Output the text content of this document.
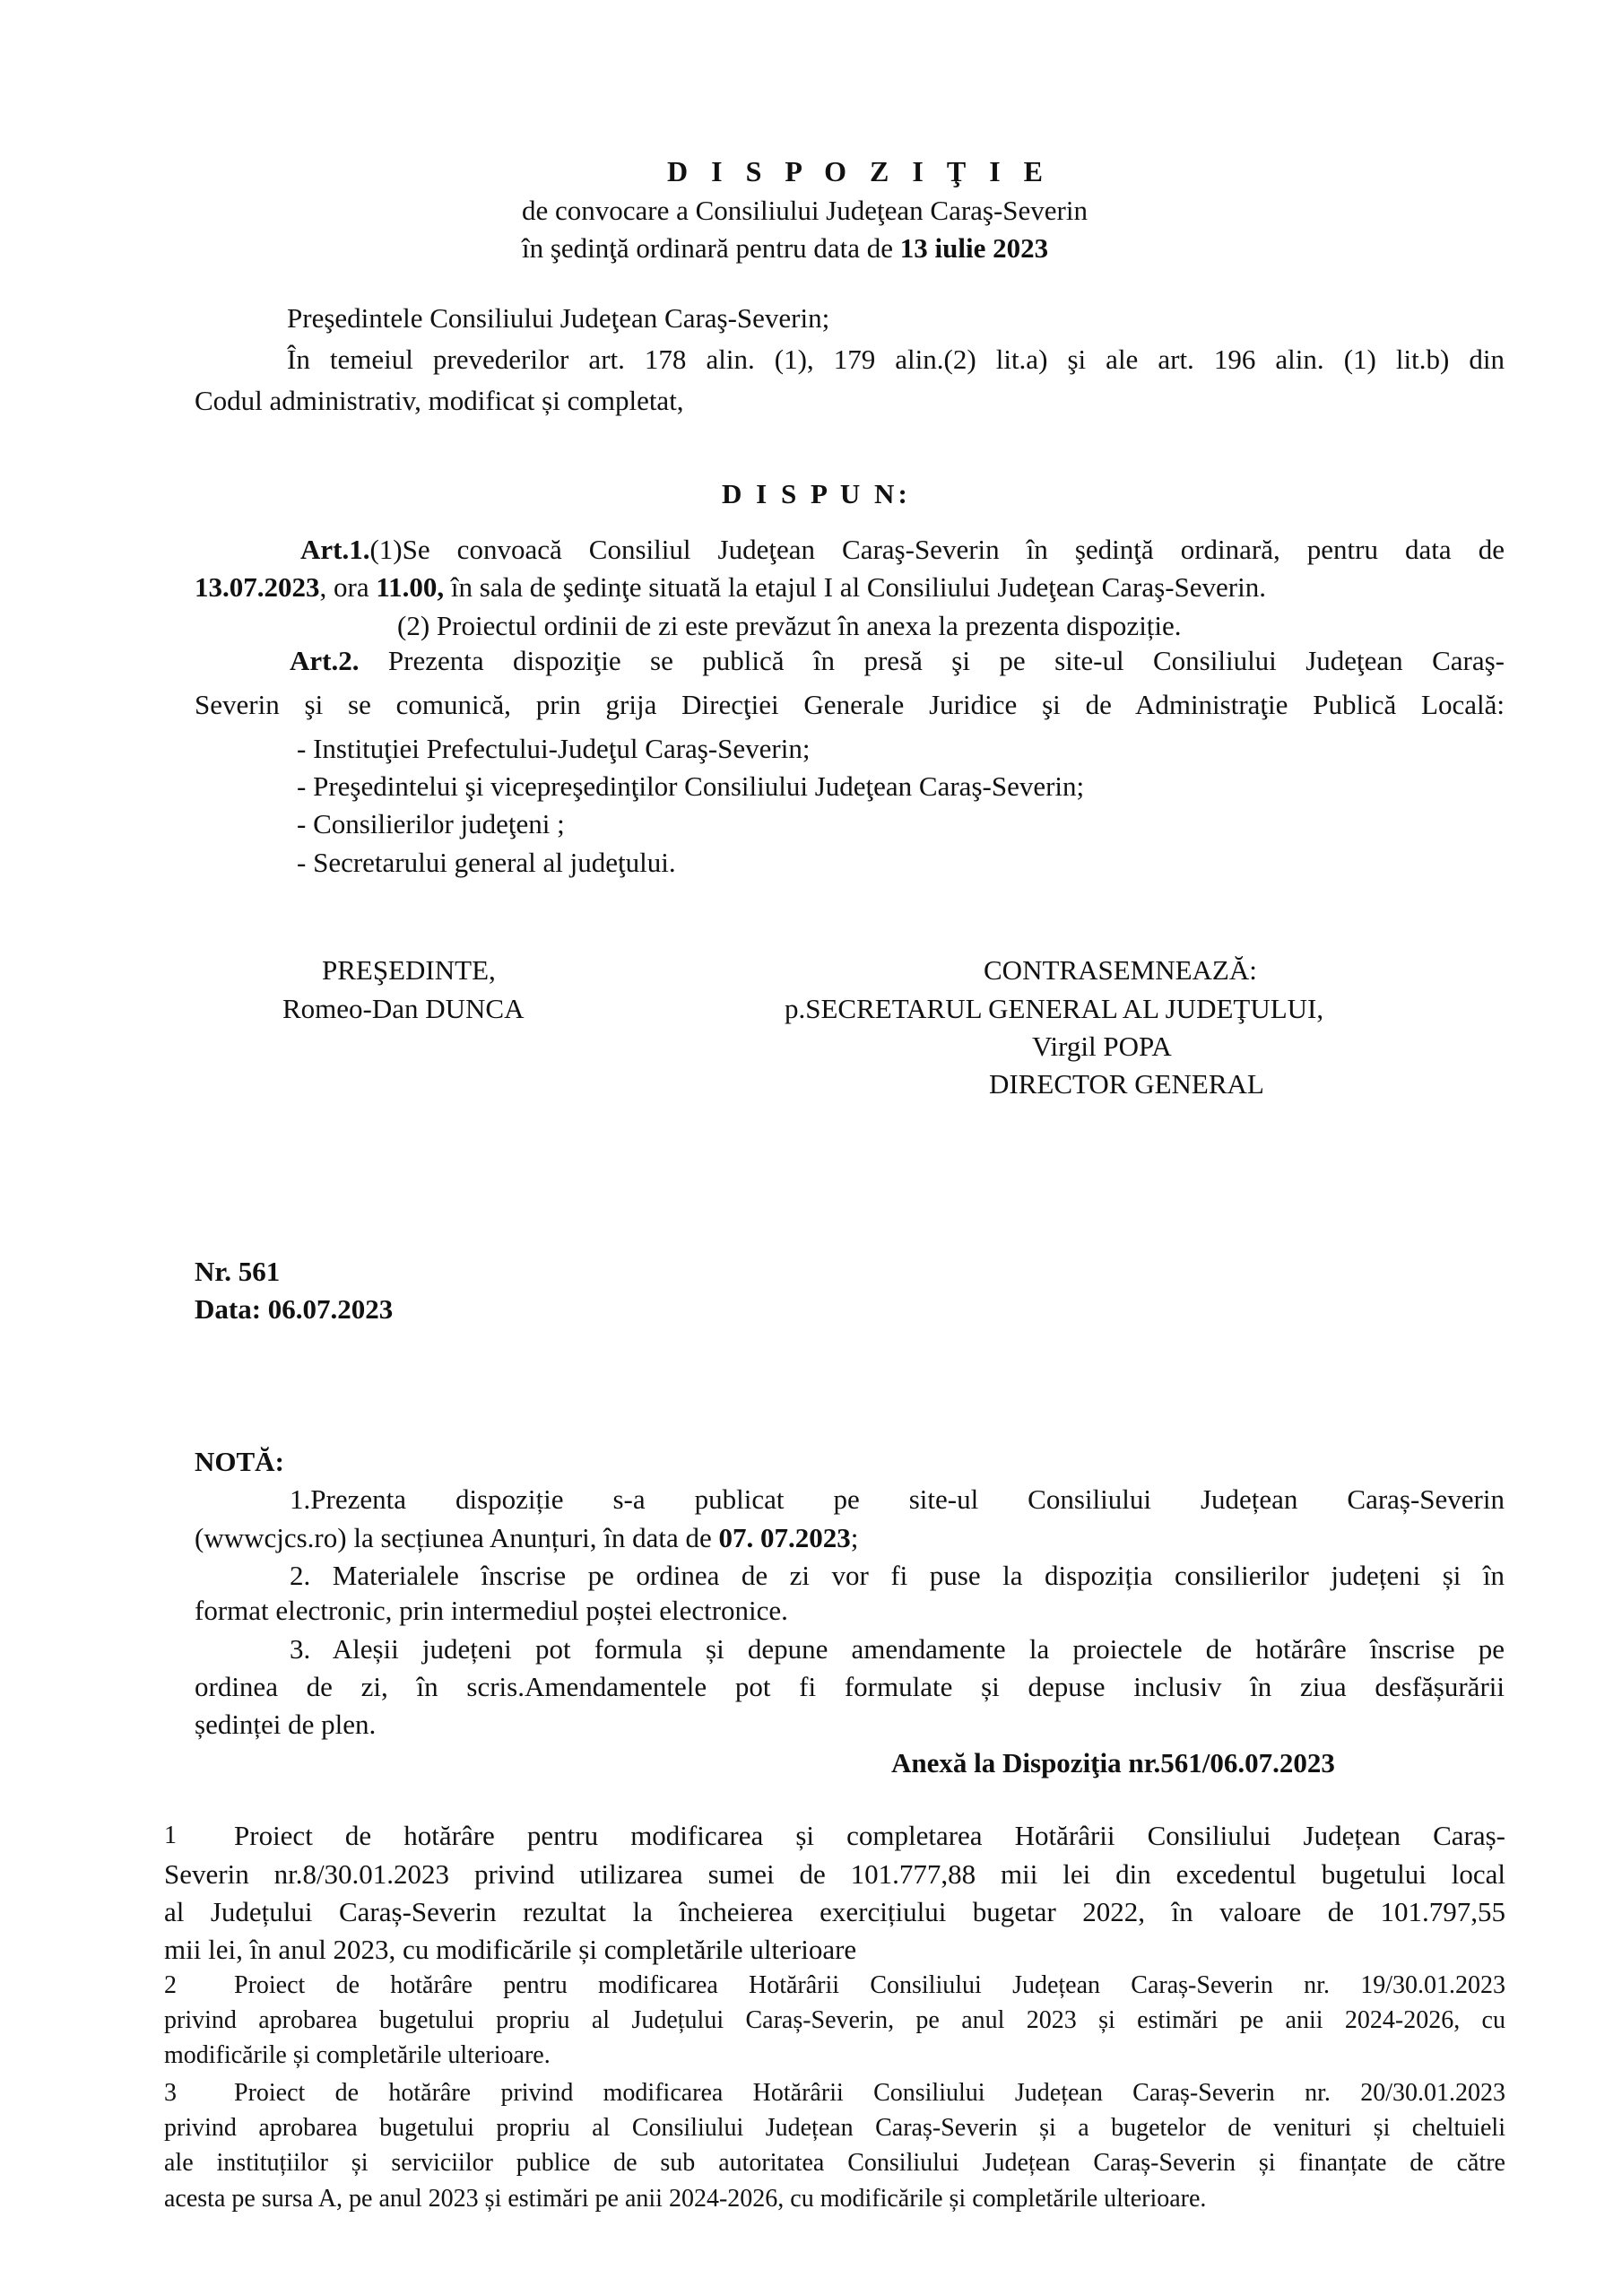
D I S P O Z I Ţ I E
de convocare a Consiliului Judeţean Caraş-Severin
în şedinţă ordinară pentru data de 13 iulie 2023
Preşedintele Consiliului Judeţean Caraş-Severin;
În temeiul prevederilor art. 178 alin. (1), 179 alin.(2) lit.a) şi ale art. 196 alin. (1) lit.b) din
Codul administrativ, modificat și completat,
D I S P U N:
Art.1.(1)Se convoacă Consiliul Judeţean Caraş-Severin în şedinţă ordinară, pentru data de
13.07.2023, ora 11.00, în sala de şedinţe situată la etajul I al Consiliului Judeţean Caraş-Severin.
(2) Proiectul ordinii de zi este prevăzut în anexa la prezenta dispoziție.
Art.2. Prezenta dispoziţie se publică în presă şi pe site-ul Consiliului Judeţean Caraş-
Severin şi se comunică, prin grija Direcţiei Generale Juridice şi de Administraţie Publică Locală:
- Instituţiei Prefectului-Judeţul Caraş-Severin;
- Preşedintelui şi vicepreşedinţilor Consiliului Judeţean Caraş-Severin;
- Consilierilor judeţeni ;
- Secretarului general al judeţului.
PREŞEDINTE,
Romeo-Dan DUNCA
CONTRASEMNEAZĂ:
p.SECRETARUL GENERAL AL JUDEŢULUI,
Virgil POPA
DIRECTOR GENERAL
Nr. 561
Data: 06.07.2023
NOTĂ:
1.Prezenta dispoziție s-a publicat pe site-ul Consiliului Județean Caraș-Severin
(wwwcjcs.ro) la secțiunea Anunțuri, în data de 07. 07.2023;
2. Materialele înscrise pe ordinea de zi vor fi puse la dispoziția consilierilor județeni și în
format electronic, prin intermediul poștei electronice.
3. Aleșii județeni pot formula și depune amendamente la proiectele de hotărâre înscrise pe
ordinea de zi, în scris.Amendamentele pot fi formulate și depuse inclusiv în ziua desfășurării
ședinței de plen.
Anexă la Dispoziţia nr.561/06.07.2023
1 Proiect de hotărâre pentru modificarea și completarea Hotărârii Consiliului Județean Caraș-
Severin nr.8/30.01.2023 privind utilizarea sumei de 101.777,88 mii lei din excedentul bugetului local
al Județului Caraș-Severin rezultat la încheierea exercițiului bugetar 2022, în valoare de 101.797,55
mii lei, în anul 2023, cu modificările și completările ulterioare
2 Proiect de hotărâre pentru modificarea Hotărârii Consiliului Județean Caraș-Severin nr. 19/30.01.2023
privind aprobarea bugetului propriu al Județului Caraș-Severin, pe anul 2023 și estimări pe anii 2024-2026, cu
modificările și completările ulterioare.
3 Proiect de hotărâre privind modificarea Hotărârii Consiliului Județean Caraș-Severin nr. 20/30.01.2023
privind aprobarea bugetului propriu al Consiliului Județean Caraș-Severin și a bugetelor de venituri și cheltuieli
ale instituțiilor și serviciilor publice de sub autoritatea Consiliului Județean Caraș-Severin și finanțate de către
acesta pe sursa A, pe anul 2023 și estimări pe anii 2024-2026, cu modificările și completările ulterioare.
